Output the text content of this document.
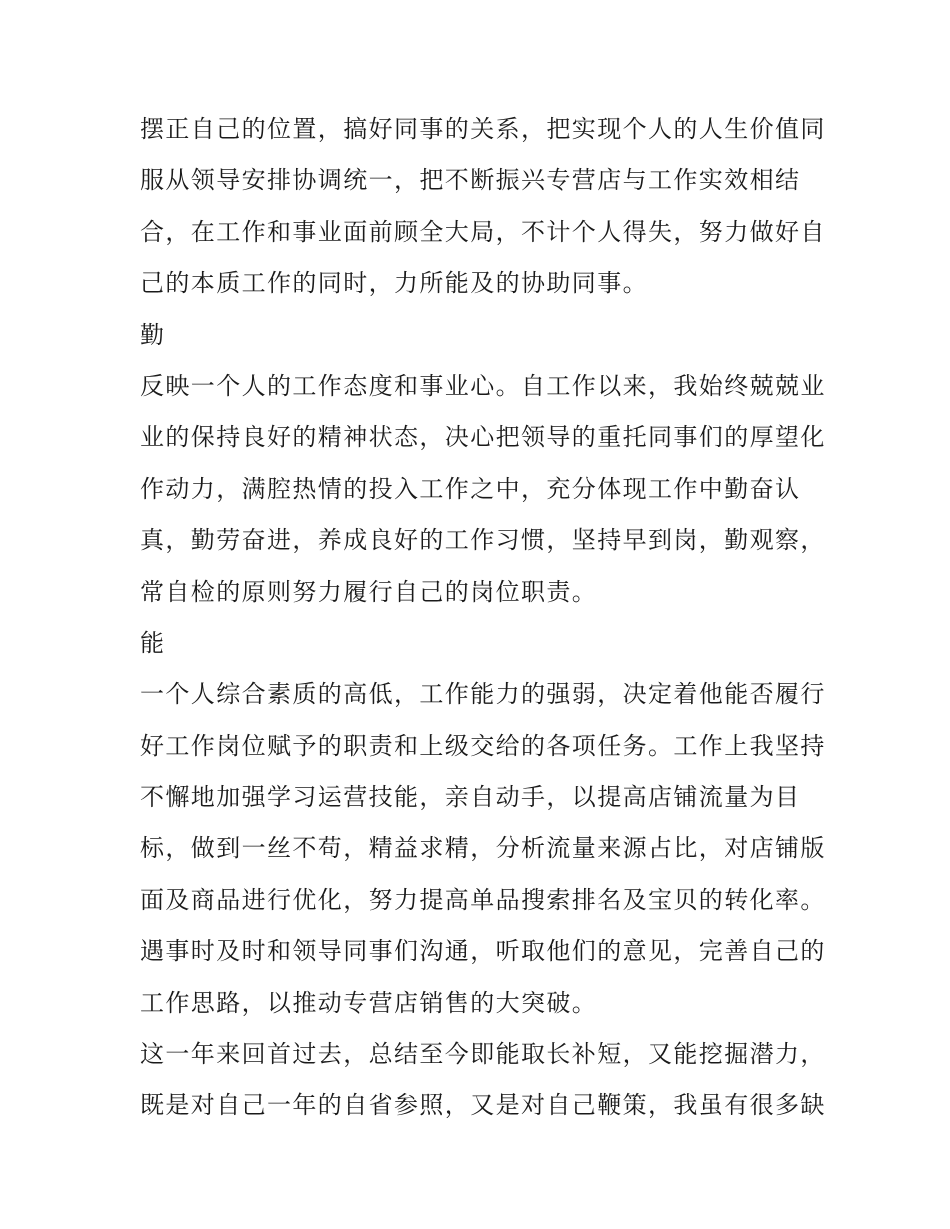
摆正自己的位置，搞好同事的关系，把实现个人的人生价值同
服从领导安排协调统一，把不断振兴专营店与工作实效相结
合，在工作和事业面前顾全大局，不计个人得失，努力做好自
己的本质工作的同时，力所能及的协助同事。
勤
反映一个人的工作态度和事业心。自工作以来，我始终兢兢业
业的保持良好的精神状态，决心把领导的重托同事们的厚望化
作动力，满腔热情的投入工作之中，充分体现工作中勤奋认
真，勤劳奋进，养成良好的工作习惯，坚持早到岗，勤观察，
常自检的原则努力履行自己的岗位职责。
能
一个人综合素质的高低，工作能力的强弱，决定着他能否履行
好工作岗位赋予的职责和上级交给的各项任务。工作上我坚持
不懈地加强学习运营技能，亲自动手，以提高店铺流量为目
标，做到一丝不苟，精益求精，分析流量来源占比，对店铺版
面及商品进行优化，努力提高单品搜索排名及宝贝的转化率。
遇事时及时和领导同事们沟通，听取他们的意见，完善自己的
工作思路，以推动专营店销售的大突破。
这一年来回首过去，总结至今即能取长补短，又能挖掘潜力，
既是对自己一年的自省参照，又是对自己鞭策，我虽有很多缺
